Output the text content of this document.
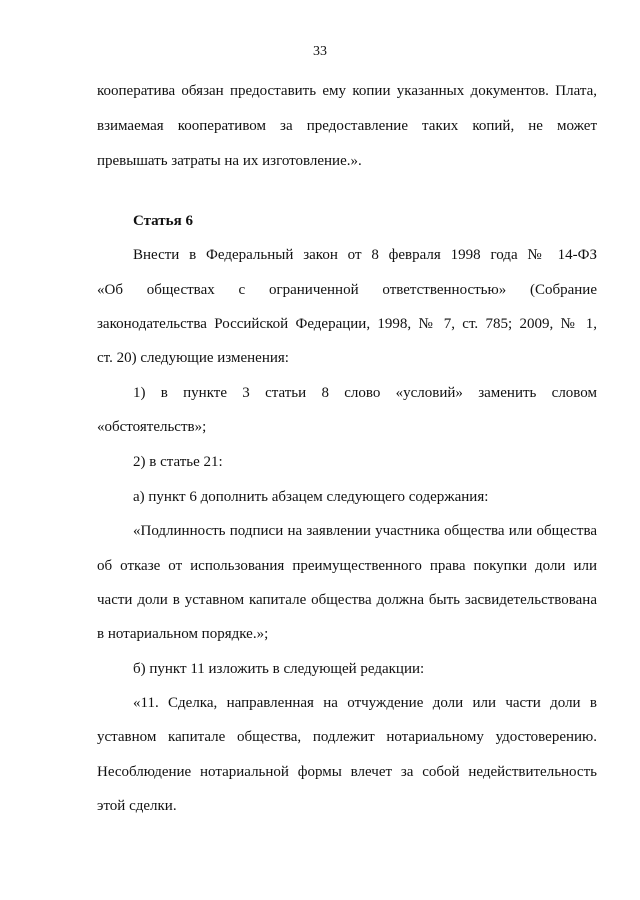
33
кооператива обязан предоставить ему копии указанных документов. Плата,
взимаемая кооперативом за предоставление таких копий, не может
превышать затраты на их изготовление.».
Статья 6
Внести в Федеральный закон от 8 февраля 1998 года № 14-ФЗ
«Об обществах с ограниченной ответственностью» (Собрание
законодательства Российской Федерации, 1998, № 7, ст. 785; 2009, № 1,
ст. 20) следующие изменения:
1) в пункте 3 статьи 8 слово «условий» заменить словом
«обстоятельств»;
2) в статье 21:
а) пункт 6 дополнить абзацем следующего содержания:
«Подлинность подписи на заявлении участника общества или общества
об отказе от использования преимущественного права покупки доли или
части доли в уставном капитале общества должна быть засвидетельствована
в нотариальном порядке.»;
б) пункт 11 изложить в следующей редакции:
«11. Сделка, направленная на отчуждение доли или части доли в
уставном капитале общества, подлежит нотариальному удостоверению.
Несоблюдение нотариальной формы влечет за собой недействительность
этой сделки.
